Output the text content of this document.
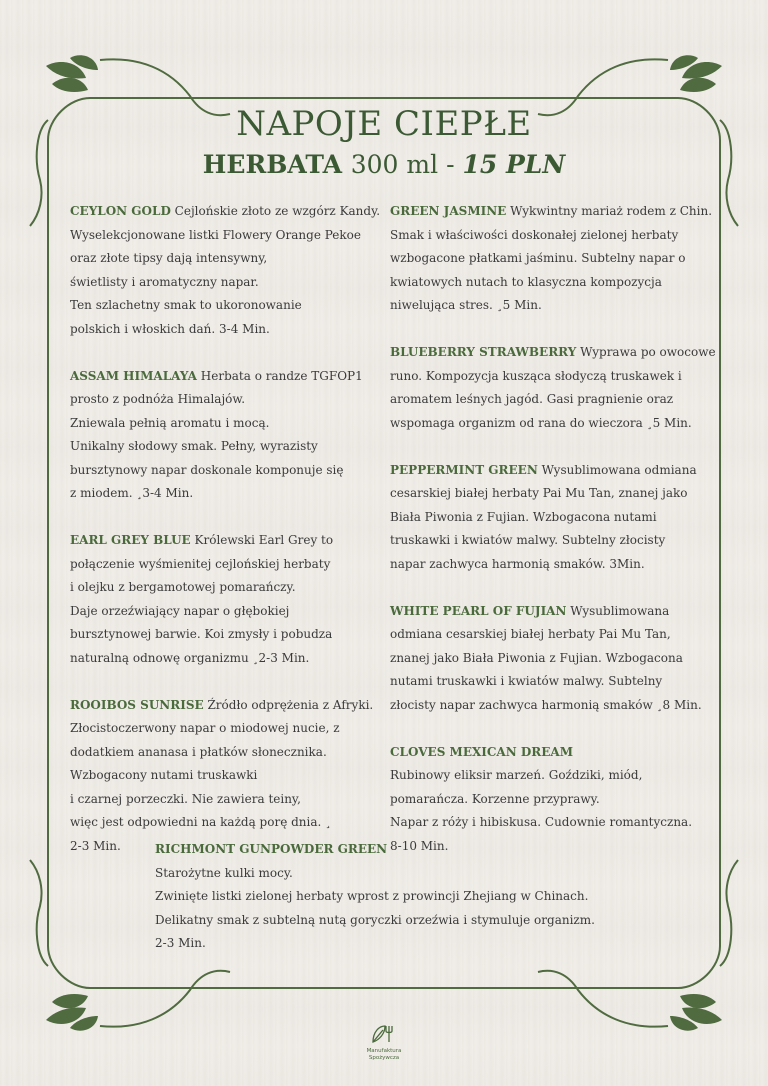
NAPOJE CIEPŁE
HERBATA 300 ml - 15 PLN
CEYLON GOLD Cejlońskie złoto ze wzgórz Kandy.
Wyselekcjonowane listki Flowery Orange Pekoe
oraz złote tipsy dają intensywny,
świetlisty i aromatyczny napar.
Ten szlachetny smak to ukoronowanie
polskich i włoskich dań. 3-4 Min.
ASSAM HIMALAYA Herbata o randze TGFOP1
prosto z podnóża Himalajów.
Zniewala pełnią aromatu i mocą.
Unikalny słodowy smak. Pełny, wyrazisty
bursztynowy napar doskonale komponuje się
z miodem. ¸3-4 Min.
EARL GREY BLUE Królewski Earl Grey to
połączenie wyśmienitej cejlońskiej herbaty
i olejku z bergamotowej pomarańczy.
Daje orzeźwiający napar o głębokiej
bursztynowej barwie. Koi zmysły i pobudza
naturalną odnowę organizmu ¸2-3 Min.
ROOIBOS SUNRISE Źródło odprężenia z Afryki.
Złocistoczerwony napar o miodowej nucie, z
dodatkiem ananasa i płatków słonecznika.
Wzbogacony nutami truskawki
i czarnej porzeczki. Nie zawiera teiny,
więc jest odpowiedni na każdą porę dnia. ¸
2-3 Min.
GREEN JASMINE Wykwintny mariaż rodem z Chin.
Smak i właściwości doskonałej zielonej herbaty
wzbogacone płatkami jaśminu. Subtelny napar o
kwiatowych nutach to klasyczna kompozycja
niwelująca stres. ¸5 Min.
BLUEBERRY STRAWBERRY Wyprawa po owocowe
runo. Kompozycja kusząca słodyczą truskawek i
aromatem leśnych jagód. Gasi pragnienie oraz
wspomaga organizm od rana do wieczora ¸5 Min.
PEPPERMINT GREEN Wysublimowana odmiana
cesarskiej białej herbaty Pai Mu Tan, znanej jako
Biała Piwonia z Fujian. Wzbogacona nutami
truskawki i kwiatów malwy. Subtelny złocisty
napar zachwyca harmonią smaków. 3Min.
WHITE PEARL OF FUJIAN Wysublimowana
odmiana cesarskiej białej herbaty Pai Mu Tan,
znanej jako Biała Piwonia z Fujian. Wzbogacona
nutami truskawki i kwiatów malwy. Subtelny
złocisty napar zachwyca harmonią smaków ¸8 Min.
CLOVES MEXICAN DREAM
Rubinowy eliksir marzeń. Goździki, miód,
pomarańcza. Korzenne przyprawy.
Napar z róży i hibiskusa. Cudownie romantyczna.
8-10 Min.
RICHMONT GUNPOWDER GREEN
Starożytne kulki mocy.
Zwinięte listki zielonej herbaty wprost z prowincji Zhejiang w Chinach.
Delikatny smak z subtelną nutą goryczki orzeźwia i stymuluje organizm.
2-3 Min.
Manufaktura
Spożywcza
